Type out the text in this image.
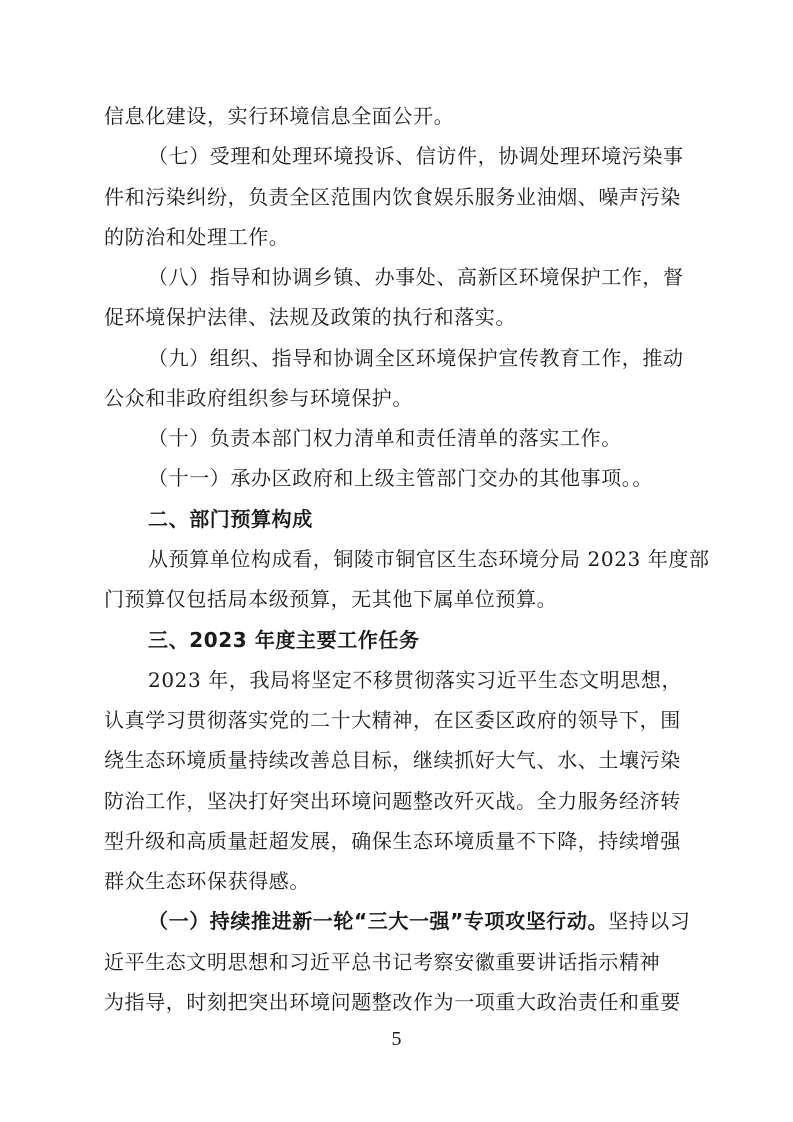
信息化建设，实行环境信息全面公开。
（七）受理和处理环境投诉、信访件，协调处理环境污染事
件和污染纠纷，负责全区范围内饮食娱乐服务业油烟、噪声污染
的防治和处理工作。
（八）指导和协调乡镇、办事处、高新区环境保护工作，督
促环境保护法律、法规及政策的执行和落实。
（九）组织、指导和协调全区环境保护宣传教育工作，推动
公众和非政府组织参与环境保护。
（十）负责本部门权力清单和责任清单的落实工作。
（十一）承办区政府和上级主管部门交办的其他事项。。
二、部门预算构成
从预算单位构成看，铜陵市铜官区生态环境分局 2023 年度部
门预算仅包括局本级预算，无其他下属单位预算。
三、2023 年度主要工作任务
2023 年，我局将坚定不移贯彻落实习近平生态文明思想，
认真学习贯彻落实党的二十大精神，在区委区政府的领导下，围
绕生态环境质量持续改善总目标，继续抓好大气、水、土壤污染
防治工作，坚决打好突出环境问题整改歼灭战。全力服务经济转
型升级和高质量赶超发展，确保生态环境质量不下降，持续增强
群众生态环保获得感。
（一）持续推进新一轮“三大一强”专项攻坚行动。坚持以习
近平生态文明思想和习近平总书记考察安徽重要讲话指示精神
为指导，时刻把突出环境问题整改作为一项重大政治责任和重要
5
